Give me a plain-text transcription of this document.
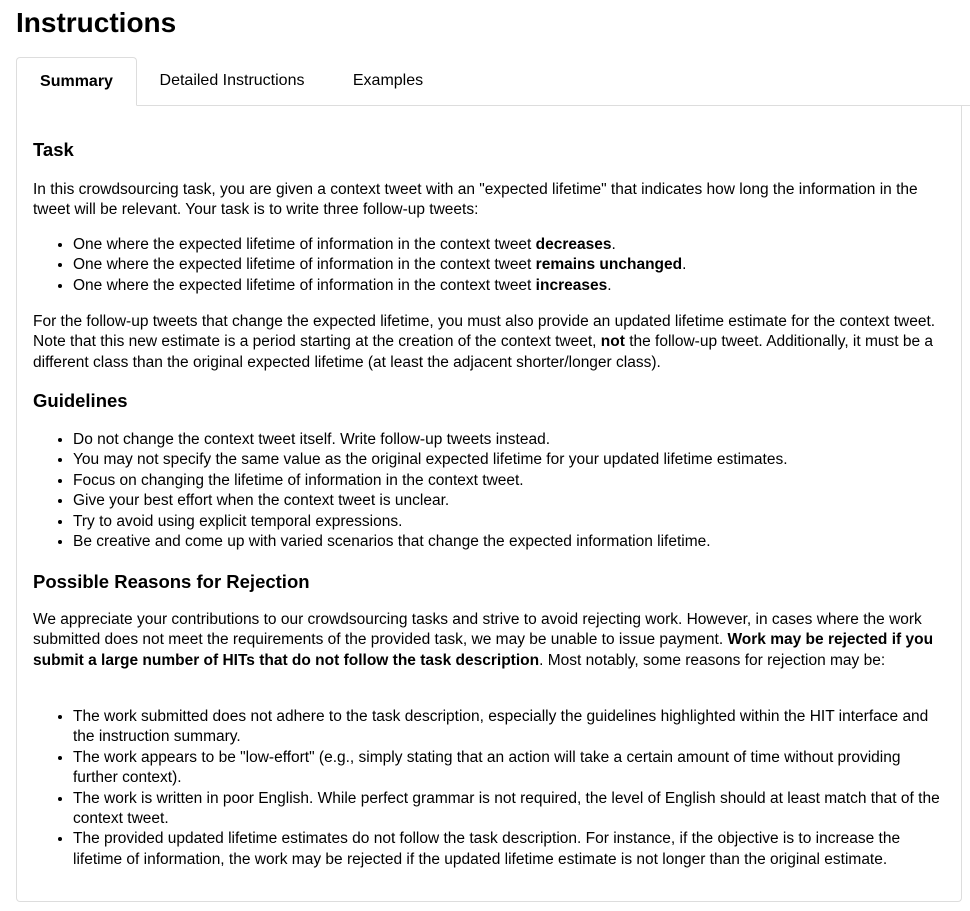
Instructions
Summary	Detailed Instructions	Examples
Task

In this crowdsourcing task, you are given a context tweet with an "expected lifetime" that indicates how long the information in the tweet will be relevant. Your task is to write three follow-up tweets:

• One where the expected lifetime of information in the context tweet decreases.
• One where the expected lifetime of information in the context tweet remains unchanged.
• One where the expected lifetime of information in the context tweet increases.

For the follow-up tweets that change the expected lifetime, you must also provide an updated lifetime estimate for the context tweet. Note that this new estimate is a period starting at the creation of the context tweet, not the follow-up tweet. Additionally, it must be a different class than the original expected lifetime (at least the adjacent shorter/longer class).

Guidelines
• Do not change the context tweet itself. Write follow-up tweets instead.
• You may not specify the same value as the original expected lifetime for your updated lifetime estimates.
• Focus on changing the lifetime of information in the context tweet.
• Give your best effort when the context tweet is unclear.
• Try to avoid using explicit temporal expressions.
• Be creative and come up with varied scenarios that change the expected information lifetime.
Possible Reasons for Rejection

We appreciate your contributions to our crowdsourcing tasks and strive to avoid rejecting work. However, in cases where the work submitted does not meet the requirements of the provided task, we may be unable to issue payment. Work may be rejected if you submit a large number of HITs that do not follow the task description. Most notably, some reasons for rejection may be:

• The work submitted does not adhere to the task description, especially the guidelines highlighted within the HIT interface and the instruction summary.
• The work appears to be "low-effort" (e.g., simply stating that an action will take a certain amount of time without providing further context).
• The work is written in poor English. While perfect grammar is not required, the level of English should at least match that of the context tweet.
• The provided updated lifetime estimates do not follow the task description. For instance, if the objective is to increase the lifetime of information, the work may be rejected if the updated lifetime estimate is not longer than the original estimate.
